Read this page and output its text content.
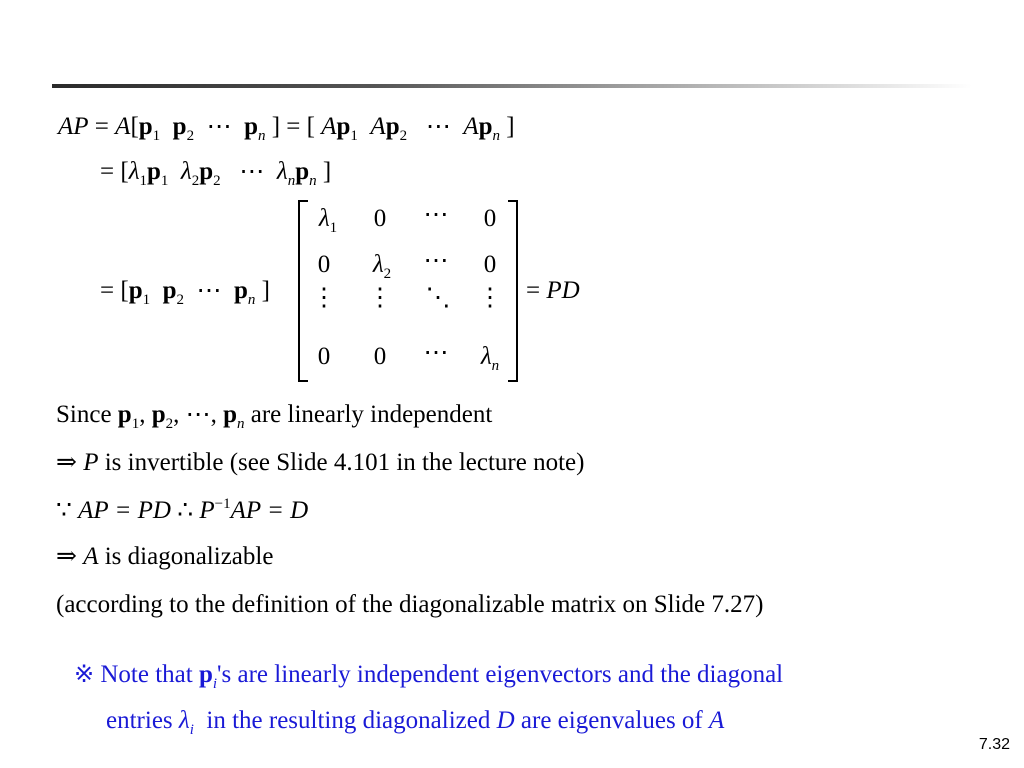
AP = $A[p_1$ $p_2$  ⋯  $p_n$ ] = [ $Ap_1$ $Ap_2$   ⋯  $Ap_n$ ]
= [$\lambda_1p_1$ $\lambda_2p_2$   ⋯  $\lambda_np_n$ ]
= [$p_1$ $p_2$  ⋯  $p_n$ ]
$\lambda_1$	0	⋯	0
0	$\lambda_2$	⋯	0
⋮	⋮	⋱	⋮
0	0	⋯	$\lambda_n$
= PD
Since $p_1$, $p_2$, ⋯, $p_n$ are linearly independent
⇒ P is invertible (see Slide 4.101 in the lecture note)
∵ AP = PD ∴ $P^{-1}AP = D$
⇒ A is diagonalizable
(according to the definition of the diagonalizable matrix on Slide 7.27)
※ Note that $p_i's$ are linearly independent eigenvectors and the diagonal
entries $\lambda_i$ in the resulting diagonalized D are eigenvalues of A
7.32
